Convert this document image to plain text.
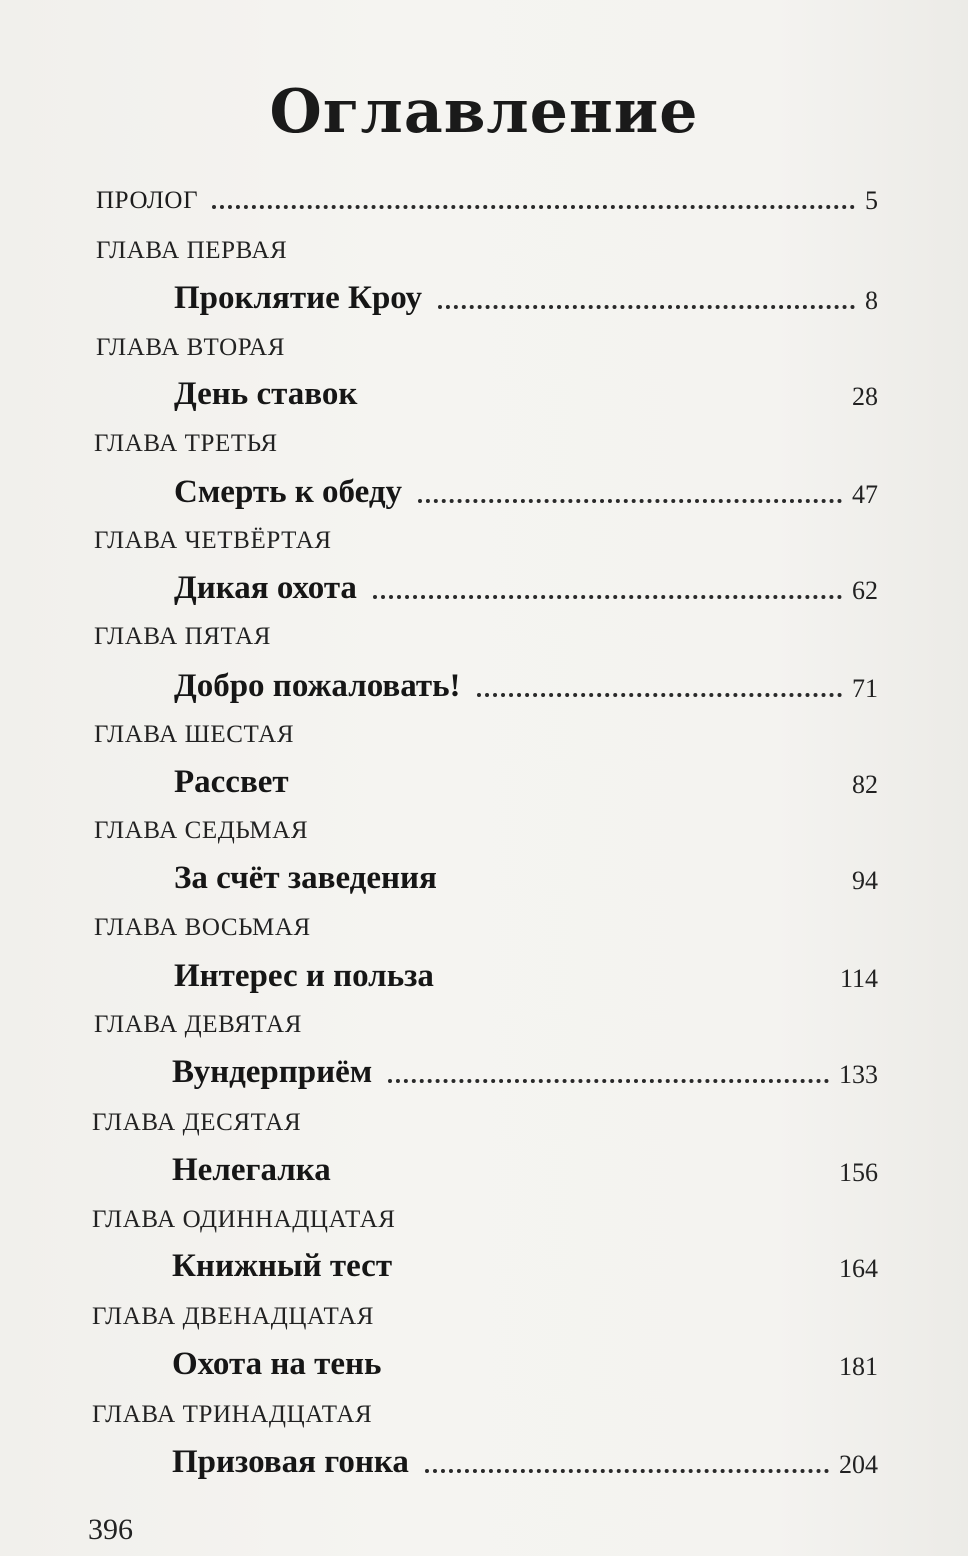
Оглавление
ПРОЛОГ	5
ГЛАВА ПЕРВАЯ
Проклятие Кроу	8
ГЛАВА ВТОРАЯ
День ставок	28
ГЛАВА ТРЕТЬЯ
Смерть к обеду	47
ГЛАВА ЧЕТВЁРТАЯ
Дикая охота	62
ГЛАВА ПЯТАЯ
Добро пожаловать!	71
ГЛАВА ШЕСТАЯ
Рассвет	82
ГЛАВА СЕДЬМАЯ
За счёт заведения	94
ГЛАВА ВОСЬМАЯ
Интерес и польза	114
ГЛАВА ДЕВЯТАЯ
Вундерприём	133
ГЛАВА ДЕСЯТАЯ
Нелегалка	156
ГЛАВА ОДИННАДЦАТАЯ
Книжный тест	164
ГЛАВА ДВЕНАДЦАТАЯ
Охота на тень	181
ГЛАВА ТРИНАДЦАТАЯ
Призовая гонка	204
396
